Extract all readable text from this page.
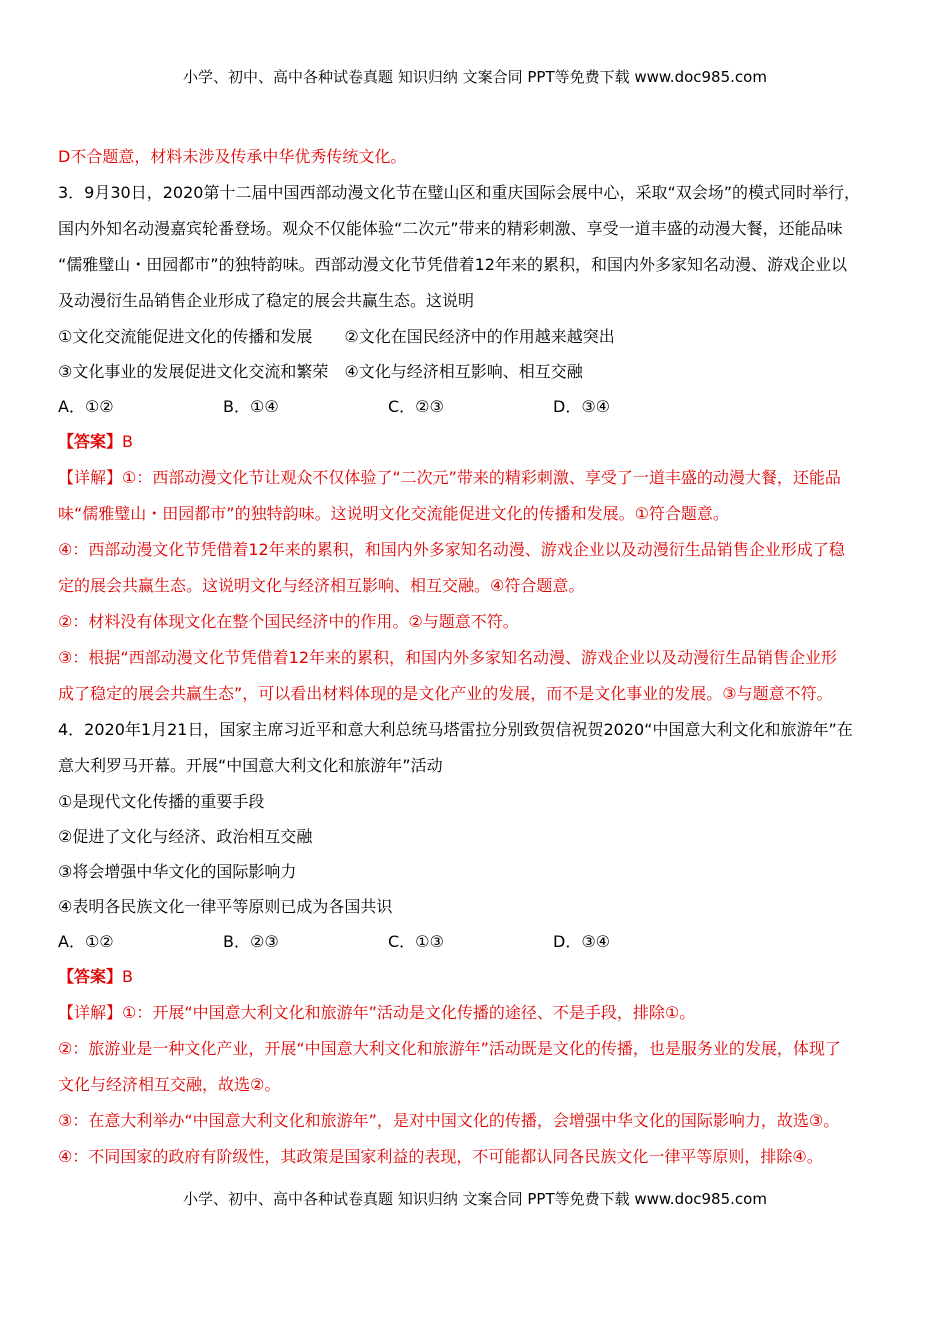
小学、初中、高中各种试卷真题 知识归纳 文案合同 PPT等免费下载 www.doc985.com
D不合题意，材料未涉及传承中华优秀传统文化。
3．9月30日，2020第十二届中国西部动漫文化节在璧山区和重庆国际会展中心，采取“双会场”的模式同时举行，
国内外知名动漫嘉宾轮番登场。观众不仅能体验“二次元”带来的精彩刺激、享受一道丰盛的动漫大餐，还能品味
“儒雅璧山・田园都市”的独特韵味。西部动漫文化节凭借着12年来的累积，和国内外多家知名动漫、游戏企业以
及动漫衍生品销售企业形成了稳定的展会共赢生态。这说明
①文化交流能促进文化的传播和发展　　②文化在国民经济中的作用越来越突出
③文化事业的发展促进文化交流和繁荣　④文化与经济相互影响、相互交融
A．①②	B．①④	C．②③	D．③④
【答案】B
【详解】①：西部动漫文化节让观众不仅体验了“二次元”带来的精彩刺激、享受了一道丰盛的动漫大餐，还能品
味“儒雅璧山・田园都市”的独特韵味。这说明文化交流能促进文化的传播和发展。①符合题意。
④：西部动漫文化节凭借着12年来的累积，和国内外多家知名动漫、游戏企业以及动漫衍生品销售企业形成了稳
定的展会共赢生态。这说明文化与经济相互影响、相互交融。④符合题意。
②：材料没有体现文化在整个国民经济中的作用。②与题意不符。
③：根据“西部动漫文化节凭借着12年来的累积，和国内外多家知名动漫、游戏企业以及动漫衍生品销售企业形
成了稳定的展会共赢生态”，可以看出材料体现的是文化产业的发展，而不是文化事业的发展。③与题意不符。
4．2020年1月21日，国家主席习近平和意大利总统马塔雷拉分别致贺信祝贺2020“中国意大利文化和旅游年”在
意大利罗马开幕。开展“中国意大利文化和旅游年”活动
①是现代文化传播的重要手段
②促进了文化与经济、政治相互交融
③将会增强中华文化的国际影响力
④表明各民族文化一律平等原则已成为各国共识
A．①②	B．②③	C．①③	D．③④
【答案】B
【详解】①：开展“中国意大利文化和旅游年”活动是文化传播的途径、不是手段，排除①。
②：旅游业是一种文化产业，开展“中国意大利文化和旅游年”活动既是文化的传播，也是服务业的发展，体现了
文化与经济相互交融，故选②。
③：在意大利举办“中国意大利文化和旅游年”，是对中国文化的传播，会增强中华文化的国际影响力，故选③。
④：不同国家的政府有阶级性，其政策是国家利益的表现，不可能都认同各民族文化一律平等原则，排除④。
小学、初中、高中各种试卷真题 知识归纳 文案合同 PPT等免费下载 www.doc985.com
